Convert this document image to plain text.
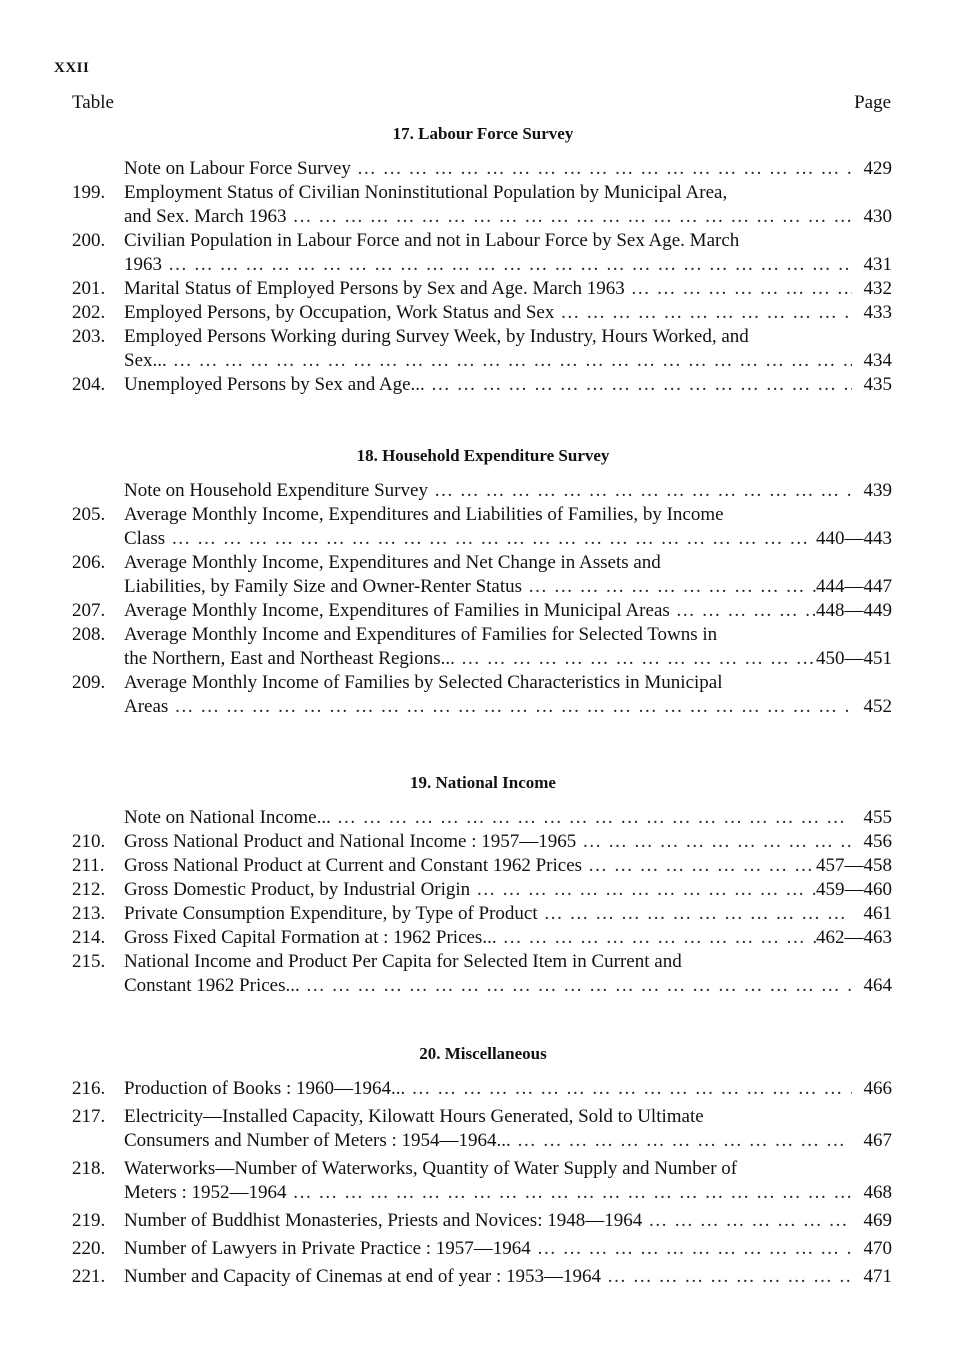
XXII
Table	Page
17. Labour Force Survey
Note on Labour Force Survey … … … … … … … … … … … … … … … … … … … … … … … … … … … … … … … … … … … … … … … … …	429
199. Employment Status of Civilian Noninstitutional Population by Municipal Area,
and Sex. March 1963 … … … … … … … … … … … … … … … … … … … … … … … … … … … … … … … … … … … … … … … … …	430
200. Civilian Population in Labour Force and not in Labour Force by Sex Age. March
1963 … … … … … … … … … … … … … … … … … … … … … … … … … … … … … … … … … … … … … … … … …	431
201. Marital Status of Employed Persons by Sex and Age. March 1963 … … … … … … … … … … … … … … … … … … … … … … … … … … … … … … … … … … … … … … … … …	432
202. Employed Persons, by Occupation, Work Status and Sex … … … … … … … … … … … … … … … … … … … … … … … … … … … … … … … … … … … … … … … … …	433
203. Employed Persons Working during Survey Week, by Industry, Hours Worked, and
Sex... … … … … … … … … … … … … … … … … … … … … … … … … … … … … … … … … … … … … … … … … …	434
204. Unemployed Persons by Sex and Age... … … … … … … … … … … … … … … … … … … … … … … … … … … … … … … … … … … … … … … … … …	435
18. Household Expenditure Survey
Note on Household Expenditure Survey … … … … … … … … … … … … … … … … … … … … … … … … … … … … … … … … … … … … … … … … …	439
205. Average Monthly Income, Expenditures and Liabilities of Families, by Income
Class … … … … … … … … … … … … … … … … … … … … … … … … … … … … … … … … … … … … … … … … …	440—443
206. Average Monthly Income, Expenditures and Net Change in Assets and
Liabilities, by Family Size and Owner-Renter Status … … … … … … … … … … … … … … … … … … … … … … … … … … … … … … … … … … … … … … … … …	444—447
207. Average Monthly Income, Expenditures of Families in Municipal Areas … … … … … … … … … … … … … … … … … … … … … … … … … … … … … … … … … … … … … … … … …	448—449
208. Average Monthly Income and Expenditures of Families for Selected Towns in
the Northern, East and Northeast Regions... … … … … … … … … … … … … … … … … … … … … … … … … … … … … … … … … … … … … … … … … …	450—451
209. Average Monthly Income of Families by Selected Characteristics in Municipal
Areas … … … … … … … … … … … … … … … … … … … … … … … … … … … … … … … … … … … … … … … … …	452
19. National Income
Note on National Income... … … … … … … … … … … … … … … … … … … … … … … … … … … … … … … … … … … … … … … … … …	455
210. Gross National Product and National Income : 1957—1965 … … … … … … … … … … … … … … … … … … … … … … … … … … … … … … … … … … … … … … … … …	456
211.	Gross National Product at Current and Constant 1962 Prices … … … … … … … … … … … … … … … … … … … … … … … … … … … … … … … … … … … … … … … … …	457—458
212. Gross Domestic Product, by Industrial Origin … … … … … … … … … … … … … … … … … … … … … … … … … … … … … … … … … … … … … … … … …	459—460
213. Private Consumption Expenditure, by Type of Product … … … … … … … … … … … … … … … … … … … … … … … … … … … … … … … … … … … … … … … … …	461
214. Gross Fixed Capital Formation at : 1962 Prices... … … … … … … … … … … … … … … … … … … … … … … … … … … … … … … … … … … … … … … … … …	462—463
215. National Income and Product Per Capita for Selected Item in Current and
Constant 1962 Prices... … … … … … … … … … … … … … … … … … … … … … … … … … … … … … … … … … … … … … … … … …	464
20. Miscellaneous
216. Production of Books : 1960—1964... … … … … … … … … … … … … … … … … … … … … … … … … … … … … … … … … … … … … … … … … …	466
217. Electricity—Installed Capacity, Kilowatt Hours Generated, Sold to Ultimate
Consumers and Number of Meters : 1954—1964... … … … … … … … … … … … … … … … … … … … … … … … … … … … … … … … … … … … … … … … … …	467
218. Waterworks—Number of Waterworks, Quantity of Water Supply and Number of
Meters : 1952—1964 … … … … … … … … … … … … … … … … … … … … … … … … … … … … … … … … … … … … … … … … …	468
219. Number of Buddhist Monasteries, Priests and Novices: 1948—1964 … … … … … … … … … … … … … … … … … … … … … … … … … … … … … … … … … … … … … … … … …	469
220. Number of Lawyers in Private Practice : 1957—1964 … … … … … … … … … … … … … … … … … … … … … … … … … … … … … … … … … … … … … … … … …	470
221. Number and Capacity of Cinemas at end of year : 1953—1964 … … … … … … … … … … … … … … … … … … … … … … … … … … … … … … … … … … … … … … … … …	471
